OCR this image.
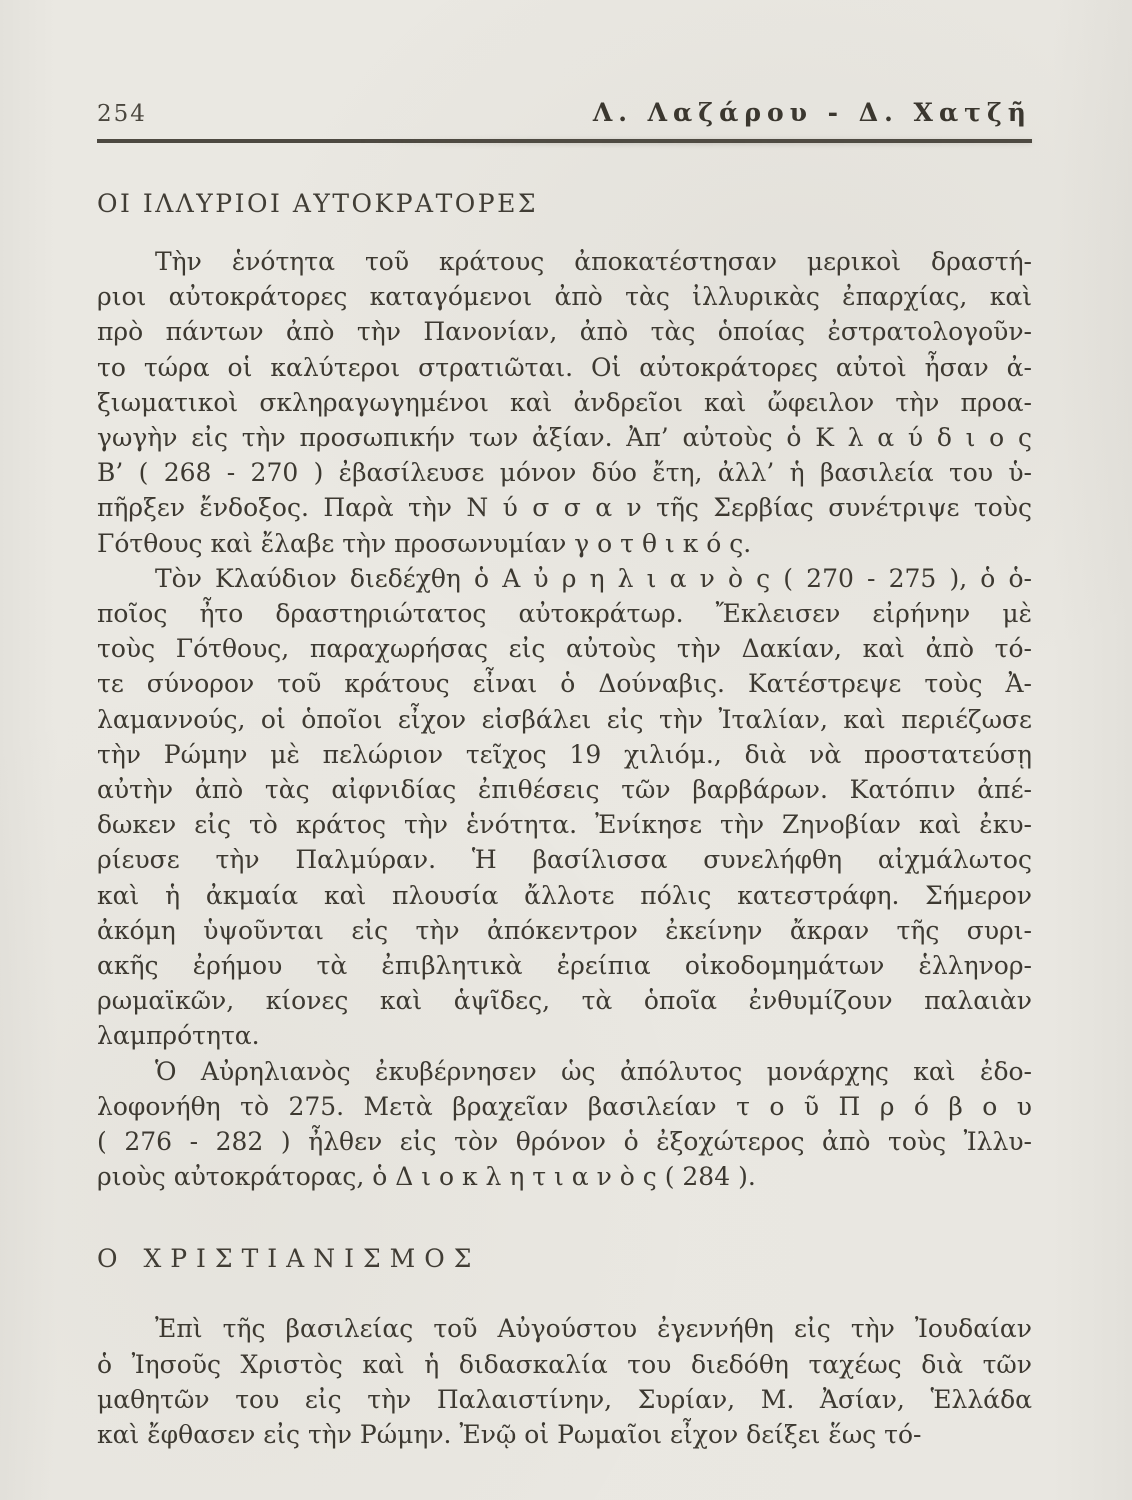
254	Λ. Λαζάρου - Δ. Χατζῆ
ΟΙ ΙΛΛΥΡΙΟΙ ΑΥΤΟΚΡΑΤΟΡΕΣ
Τὴν ἑνότητα τοῦ κράτους ἀποκατέστησαν μερικοὶ δραστή-
ριοι αὐτοκράτορες καταγόμενοι ἀπὸ τὰς ἰλλυρικὰς ἐπαρχίας, καὶ
πρὸ πάντων ἀπὸ τὴν Πανονίαν, ἀπὸ τὰς ὁποίας ἐστρατολογοῦν-
το τώρα οἱ καλύτεροι στρατιῶται. Οἱ αὐτοκράτορες αὐτοὶ ἦσαν ἀ-
ξιωματικοὶ σκληραγωγημένοι καὶ ἀνδρεῖοι καὶ ὤφειλον τὴν προα-
γωγὴν εἰς τὴν προσωπικήν των ἀξίαν. Ἀπ’ αὐτοὺς ὁ Κ λ α ύ δ ι ο ς
Β’ ( 268 - 270 ) ἐβασίλευσε μόνον δύο ἔτη, ἀλλ’ ἡ βασιλεία του ὑ-
πῆρξεν ἔνδοξος. Παρὰ τὴν Ν ύ σ σ α ν τῆς Σερβίας συνέτριψε τοὺς
Γότθους καὶ ἔλαβε τὴν προσωνυμίαν γ ο τ θ ι κ ό ς.
Τὸν Κλαύδιον διεδέχθη ὁ Α ὐ ρ η λ ι α ν ὸ ς ( 270 - 275 ), ὁ ὁ-
ποῖος ἦτο δραστηριώτατος αὐτοκράτωρ. Ἔκλεισεν εἰρήνην μὲ
τοὺς Γότθους, παραχωρήσας εἰς αὐτοὺς τὴν Δακίαν, καὶ ἀπὸ τό-
τε σύνορον τοῦ κράτους εἶναι ὁ Δούναβις. Κατέστρεψε τοὺς Ἀ-
λαμαννούς, οἱ ὁποῖοι εἶχον εἰσβάλει εἰς τὴν Ἰταλίαν, καὶ περιέζωσε
τὴν Ρώμην μὲ πελώριον τεῖχος 19 χιλιόμ., διὰ νὰ προστατεύσῃ
αὐτὴν ἀπὸ τὰς αἰφνιδίας ἐπιθέσεις τῶν βαρβάρων. Κατόπιν ἀπέ-
δωκεν εἰς τὸ κράτος τὴν ἑνότητα. Ἐνίκησε τὴν Ζηνοβίαν καὶ ἐκυ-
ρίευσε τὴν Παλμύραν. Ἡ βασίλισσα συνελήφθη αἰχμάλωτος
καὶ ἡ ἀκμαία καὶ πλουσία ἄλλοτε πόλις κατεστράφη. Σήμερον
ἀκόμη ὑψοῦνται εἰς τὴν ἀπόκεντρον ἐκείνην ἄκραν τῆς συρι-
ακῆς ἐρήμου τὰ ἐπιβλητικὰ ἐρείπια οἰκοδομημάτων ἑλληνορ-
ρωμαϊκῶν, κίονες καὶ ἁψῖδες, τὰ ὁποῖα ἐνθυμίζουν παλαιὰν
λαμπρότητα.
Ὁ Αὐρηλιανὸς ἐκυβέρνησεν ὡς ἀπόλυτος μονάρχης καὶ ἐδο-
λοφονήθη τὸ 275. Μετὰ βραχεῖαν βασιλείαν τ ο ῦ Π ρ ό β ο υ
( 276 - 282 ) ἦλθεν εἰς τὸν θρόνον ὁ ἐξοχώτερος ἀπὸ τοὺς Ἰλλυ-
ριοὺς αὐτοκράτορας, ὁ Δ ι ο κ λ η τ ι α ν ὸ ς ( 284 ).
Ο ΧΡΙΣΤΙΑΝΙΣΜΟΣ
Ἐπὶ τῆς βασιλείας τοῦ Αὐγούστου ἐγεννήθη εἰς τὴν Ἰουδαίαν
ὁ Ἰησοῦς Χριστὸς καὶ ἡ διδασκαλία του διεδόθη ταχέως διὰ τῶν
μαθητῶν του εἰς τὴν Παλαιστίνην, Συρίαν, Μ. Ἀσίαν, Ἑλλάδα
καὶ ἔφθασεν εἰς τὴν Ρώμην. Ἐνῷ οἱ Ρωμαῖοι εἶχον δείξει ἕως τό-
